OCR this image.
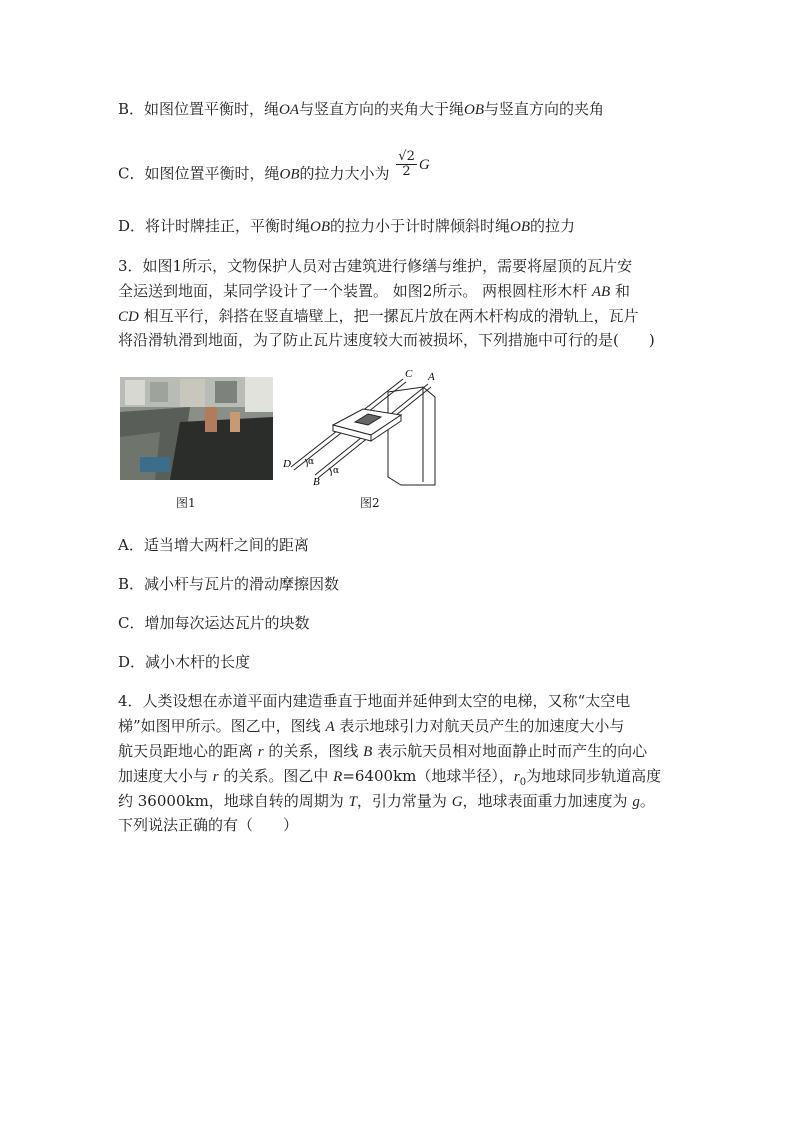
B．如图位置平衡时，绳OA与竖直方向的夹角大于绳OB与竖直方向的夹角
C．如图位置平衡时，绳OB的拉力大小为 $\frac{√2}{2}$ G
D．将计时牌挂正，平衡时绳OB的拉力小于计时牌倾斜时绳OB的拉力
3．如图1所示，文物保护人员对古建筑进行修缮与维护，需要将屋顶的瓦片安
全运送到地面，某同学设计了一个装置。 如图2所示。 两根圆柱形木杆 AB 和
CD 相互平行，斜搭在竖直墙壁上，把一摞瓦片放在两木杆构成的滑轨上，瓦片
将沿滑轨滑到地面，为了防止瓦片速度较大而被损坏，下列措施中可行的是(　　)
图1
C A
D
B
α
α
图2
A．适当增大两杆之间的距离
B．减小杆与瓦片的滑动摩擦因数
C．增加每次运达瓦片的块数
D．减小木杆的长度
4．人类设想在赤道平面内建造垂直于地面并延伸到太空的电梯，又称“太空电
梯”如图甲所示。图乙中，图线 A 表示地球引力对航天员产生的加速度大小与
航天员距地心的距离 r 的关系，图线 B 表示航天员相对地面静止时而产生的向心
加速度大小与 r 的关系。图乙中 R=6400km（地球半径），$r_0$为地球同步轨道高度
约 36000km，地球自转的周期为 T，引力常量为 G，地球表面重力加速度为 g。
下列说法正确的有（　　）
